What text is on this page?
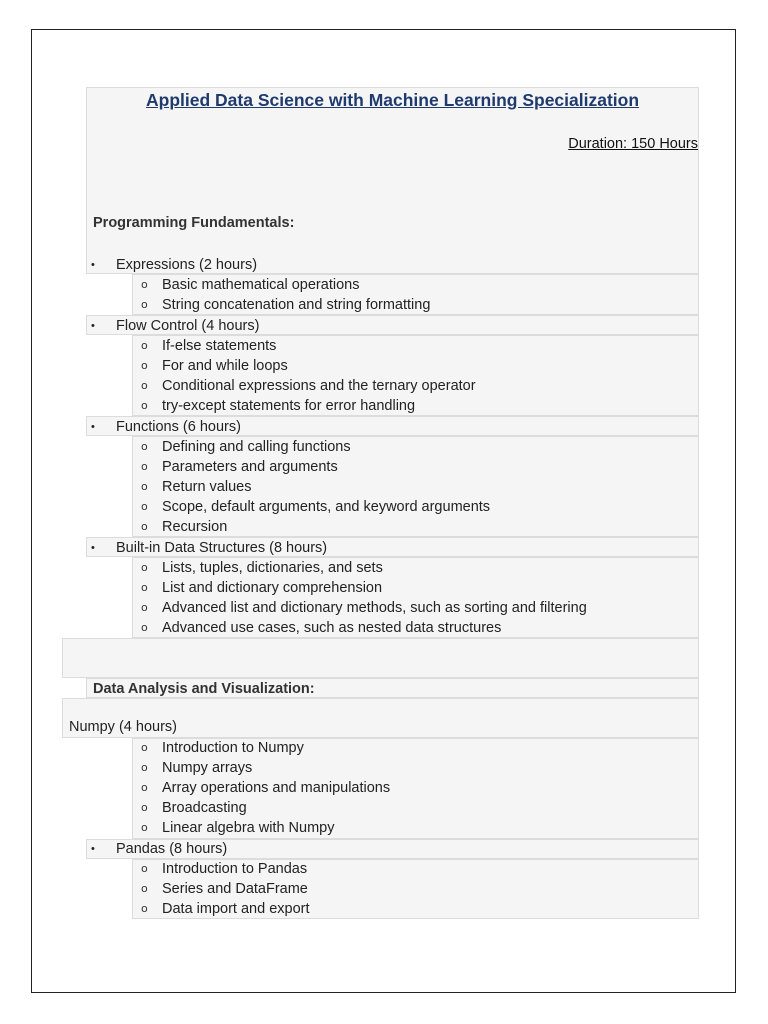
Applied Data Science with Machine Learning Specialization
Duration: 150 Hours
Programming Fundamentals:
• Expressions (2 hours)
o Basic mathematical operations
o String concatenation and string formatting
• Flow Control (4 hours)
o If-else statements
o For and while loops
o Conditional expressions and the ternary operator
o try-except statements for error handling
• Functions (6 hours)
o Defining and calling functions
o Parameters and arguments
o Return values
o Scope, default arguments, and keyword arguments
o Recursion
• Built-in Data Structures (8 hours)
o Lists, tuples, dictionaries, and sets
o List and dictionary comprehension
o Advanced list and dictionary methods, such as sorting and filtering
o Advanced use cases, such as nested data structures
Data Analysis and Visualization:
Numpy (4 hours)
o Introduction to Numpy
o Numpy arrays
o Array operations and manipulations
o Broadcasting
o Linear algebra with Numpy
• Pandas (8 hours)
o Introduction to Pandas
o Series and DataFrame
o Data import and export
